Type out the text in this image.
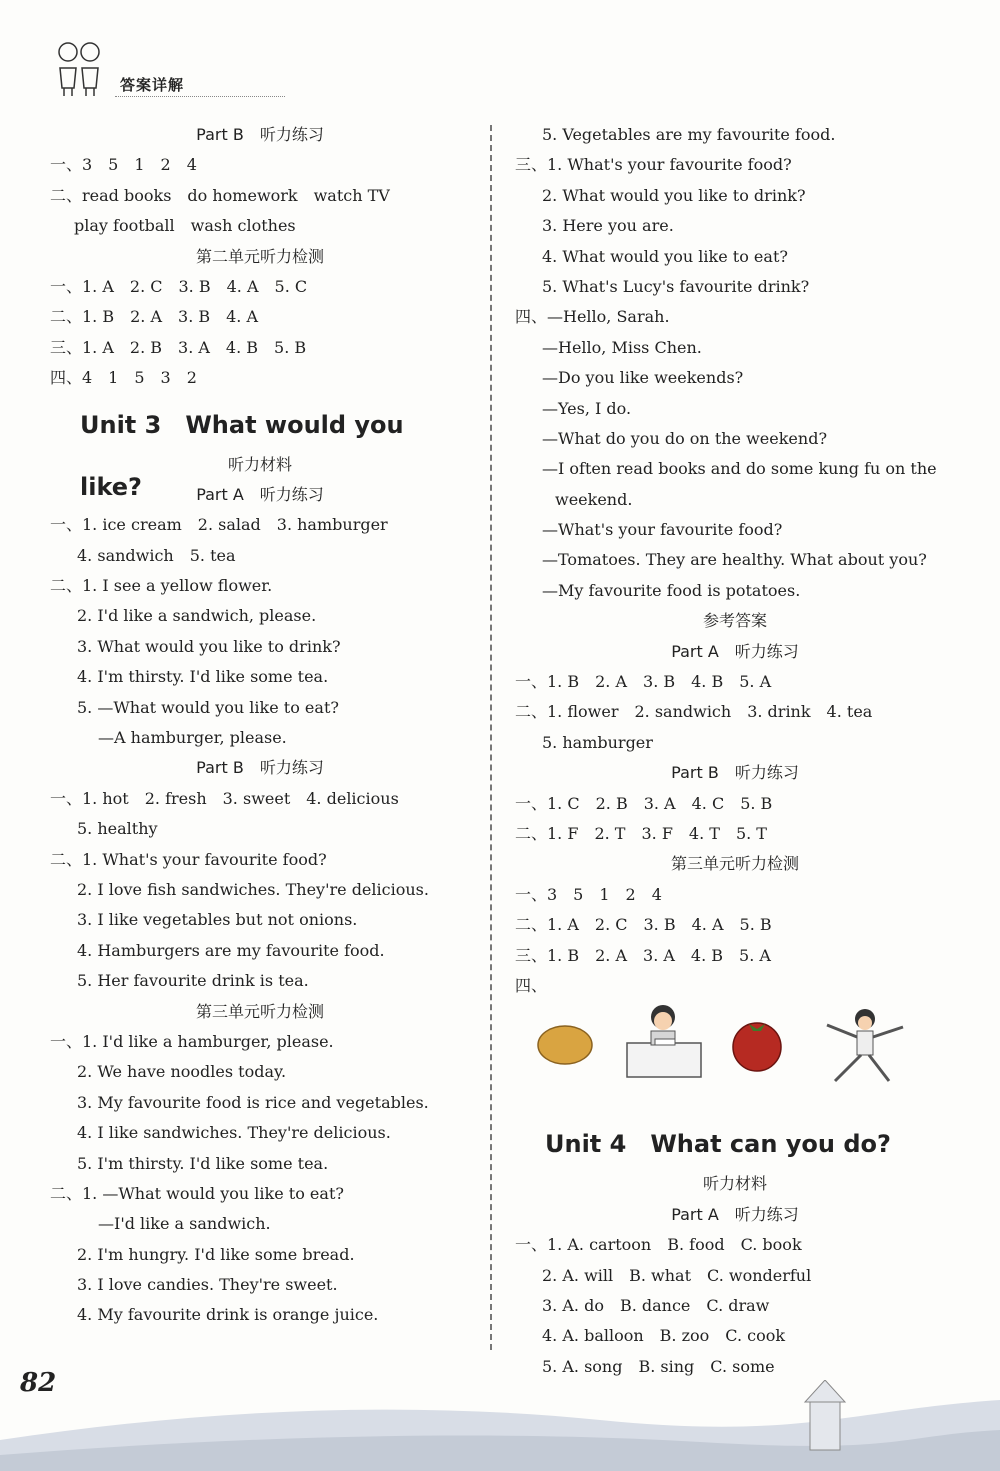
答案详解
Part B　听力练习
一、3　5　1　2　4
二、read books　do homework　watch TV
play football　wash clothes
第二单元听力检测
一、1. A　2. C　3. B　4. A　5. C
二、1. B　2. A　3. B　4. A
三、1. A　2. B　3. A　4. B　5. B
四、4　1　5　3　2
Unit 3　What would you like?
听力材料
Part A　听力练习
一、1. ice cream　2. salad　3. hamburger
4. sandwich　5. tea
二、1. I see a yellow flower.
2. I'd like a sandwich, please.
3. What would you like to drink?
4. I'm thirsty. I'd like some tea.
5. —What would you like to eat?
—A hamburger, please.
Part B　听力练习
一、1. hot　2. fresh　3. sweet　4. delicious
5. healthy
二、1. What's your favourite food?
2. I love fish sandwiches. They're delicious.
3. I like vegetables but not onions.
4. Hamburgers are my favourite food.
5. Her favourite drink is tea.
第三单元听力检测
一、1. I'd like a hamburger, please.
2. We have noodles today.
3. My favourite food is rice and vegetables.
4. I like sandwiches. They're delicious.
5. I'm thirsty. I'd like some tea.
二、1. —What would you like to eat?
—I'd like a sandwich.
2. I'm hungry. I'd like some bread.
3. I love candies. They're sweet.
4. My favourite drink is orange juice.
5. Vegetables are my favourite food.
三、1. What's your favourite food?
2. What would you like to drink?
3. Here you are.
4. What would you like to eat?
5. What's Lucy's favourite drink?
四、—Hello, Sarah.
—Hello, Miss Chen.
—Do you like weekends?
—Yes, I do.
—What do you do on the weekend?
—I often read books and do some kung fu on the
weekend.
—What's your favourite food?
—Tomatoes. They are healthy. What about you?
—My favourite food is potatoes.
参考答案
Part A　听力练习
一、1. B　2. A　3. B　4. B　5. A
二、1. flower　2. sandwich　3. drink　4. tea
5. hamburger
Part B　听力练习
一、1. C　2. B　3. A　4. C　5. B
二、1. F　2. T　3. F　4. T　5. T
第三单元听力检测
一、3　5　1　2　4
二、1. A　2. C　3. B　4. A　5. B
三、1. B　2. A　3. A　4. B　5. A
四、
Unit 4　What can you do?
听力材料
Part A　听力练习
一、1. A. cartoon　B. food　C. book
2. A. will　B. what　C. wonderful
3. A. do　B. dance　C. draw
4. A. balloon　B. zoo　C. cook
5. A. song　B. sing　C. some
82
